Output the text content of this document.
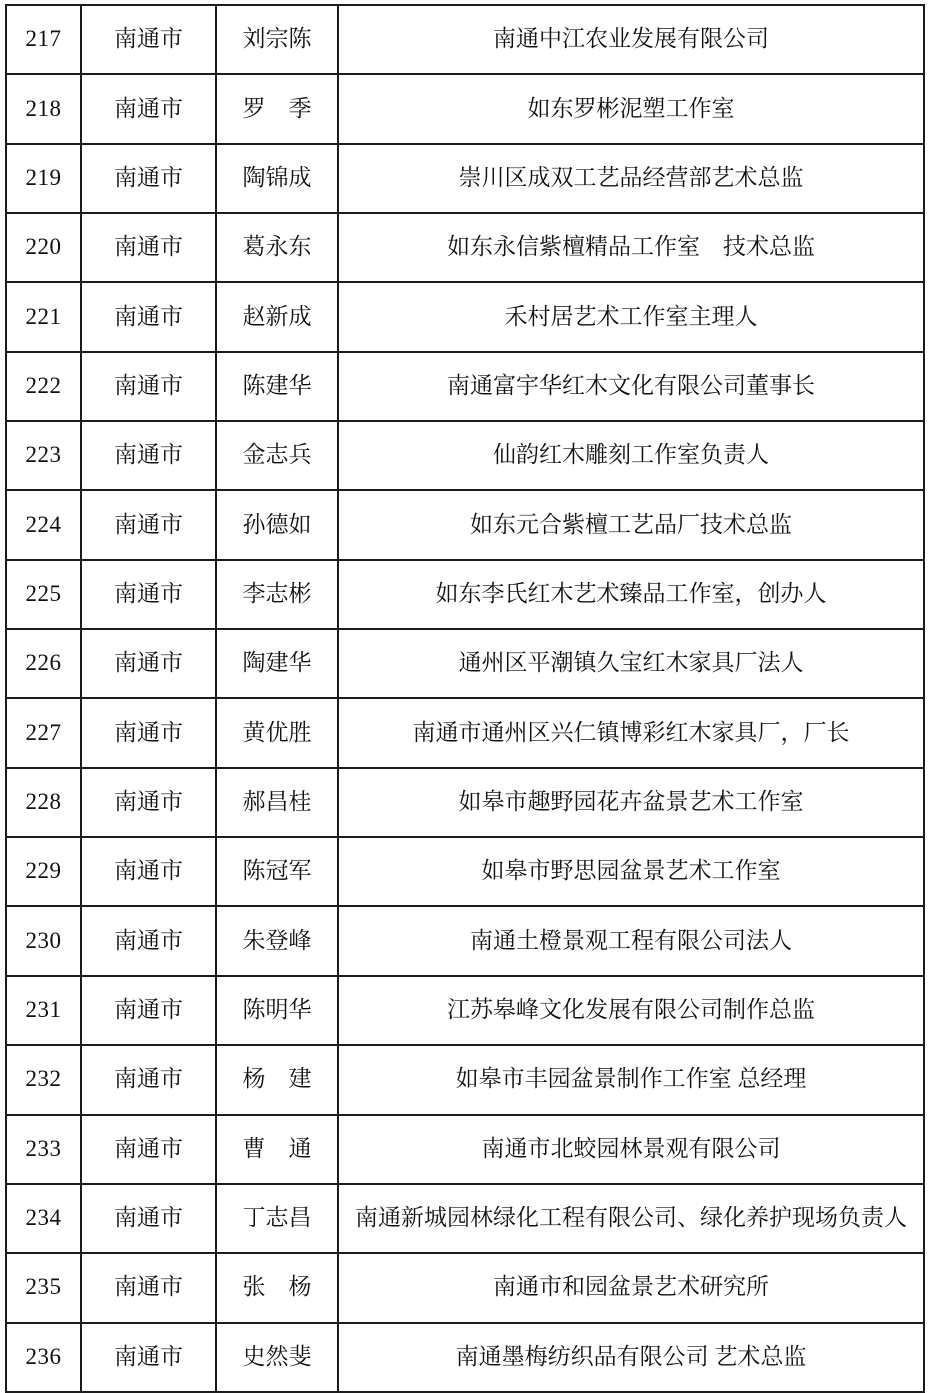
217	南通市	刘宗陈	南通中江农业发展有限公司
218	南通市	罗　季	如东罗彬泥塑工作室
219	南通市	陶锦成	崇川区成双工艺品经营部艺术总监
220	南通市	葛永东	如东永信紫檀精品工作室　技术总监
221	南通市	赵新成	禾村居艺术工作室主理人
222	南通市	陈建华	南通富宇华红木文化有限公司董事长
223	南通市	金志兵	仙韵红木雕刻工作室负责人
224	南通市	孙德如	如东元合紫檀工艺品厂技术总监
225	南通市	李志彬	如东李氏红木艺术臻品工作室，创办人
226	南通市	陶建华	通州区平潮镇久宝红木家具厂法人
227	南通市	黄优胜	南通市通州区兴仁镇博彩红木家具厂，厂长
228	南通市	郝昌桂	如皋市趣野园花卉盆景艺术工作室
229	南通市	陈冠军	如皋市野思园盆景艺术工作室
230	南通市	朱登峰	南通土橙景观工程有限公司法人
231	南通市	陈明华	江苏皋峰文化发展有限公司制作总监
232	南通市	杨　建	如皋市丰园盆景制作工作室 总经理
233	南通市	曹　通	南通市北蛟园林景观有限公司
234	南通市	丁志昌	南通新城园林绿化工程有限公司、绿化养护现场负责人
235	南通市	张　杨	南通市和园盆景艺术研究所
236	南通市	史然斐	南通墨梅纺织品有限公司 艺术总监
